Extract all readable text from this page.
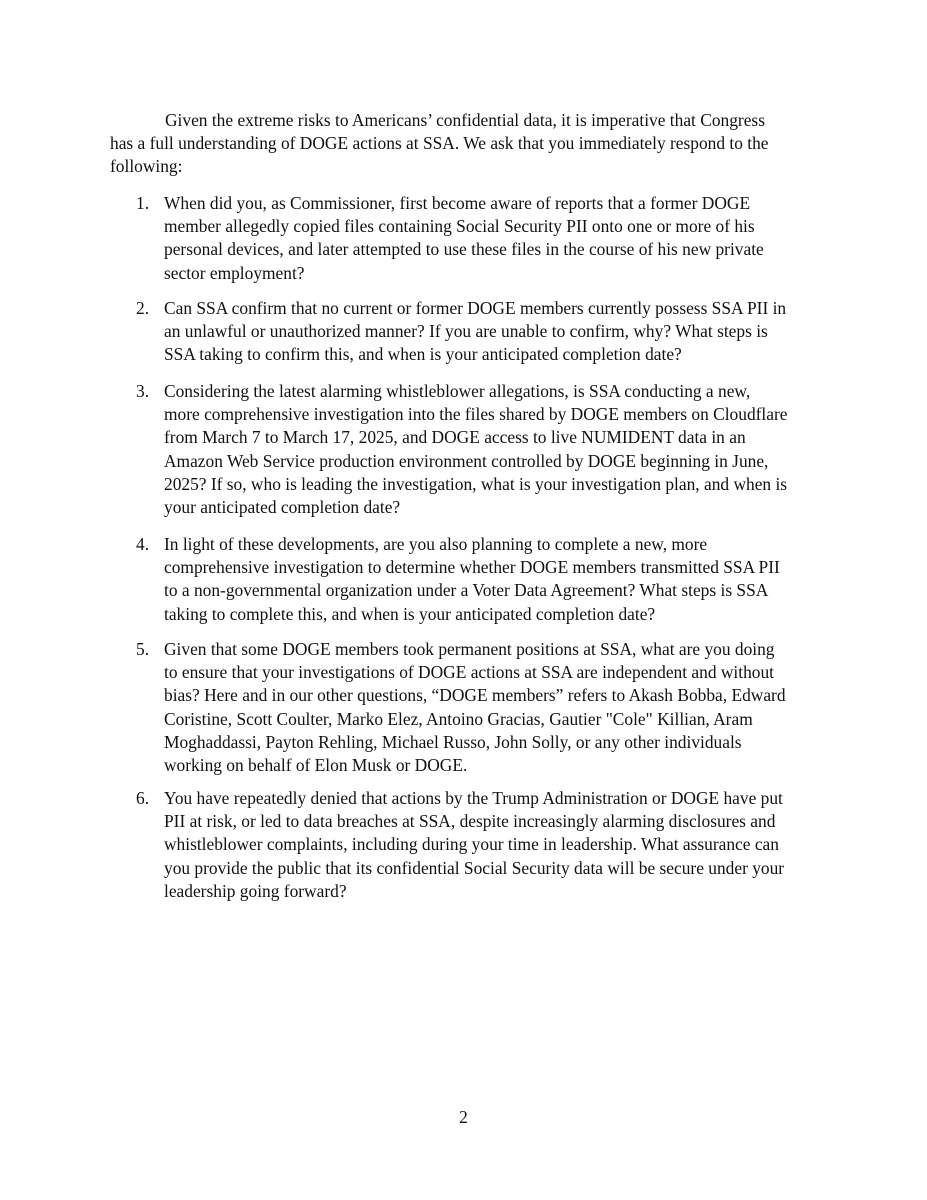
Given the extreme risks to Americans’ confidential data, it is imperative that Congress
has a full understanding of DOGE actions at SSA. We ask that you immediately respond to the
following:

1. When did you, as Commissioner, first become aware of reports that a former DOGE
member allegedly copied files containing Social Security PII onto one or more of his
personal devices, and later attempted to use these files in the course of his new private
sector employment?

2. Can SSA confirm that no current or former DOGE members currently possess SSA PII in
an unlawful or unauthorized manner? If you are unable to confirm, why? What steps is
SSA taking to confirm this, and when is your anticipated completion date?

3. Considering the latest alarming whistleblower allegations, is SSA conducting a new,
more comprehensive investigation into the files shared by DOGE members on Cloudflare
from March 7 to March 17, 2025, and DOGE access to live NUMIDENT data in an
Amazon Web Service production environment controlled by DOGE beginning in June,
2025? If so, who is leading the investigation, what is your investigation plan, and when is
your anticipated completion date?

4. In light of these developments, are you also planning to complete a new, more
comprehensive investigation to determine whether DOGE members transmitted SSA PII
to a non-governmental organization under a Voter Data Agreement? What steps is SSA
taking to complete this, and when is your anticipated completion date?

5. Given that some DOGE members took permanent positions at SSA, what are you doing
to ensure that your investigations of DOGE actions at SSA are independent and without
bias? Here and in our other questions, “DOGE members” refers to Akash Bobba, Edward
Coristine, Scott Coulter, Marko Elez, Antoino Gracias, Gautier "Cole" Killian, Aram
Moghaddassi, Payton Rehling, Michael Russo, John Solly, or any other individuals
working on behalf of Elon Musk or DOGE.

6. You have repeatedly denied that actions by the Trump Administration or DOGE have put
PII at risk, or led to data breaches at SSA, despite increasingly alarming disclosures and
whistleblower complaints, including during your time in leadership. What assurance can
you provide the public that its confidential Social Security data will be secure under your
leadership going forward?

2
